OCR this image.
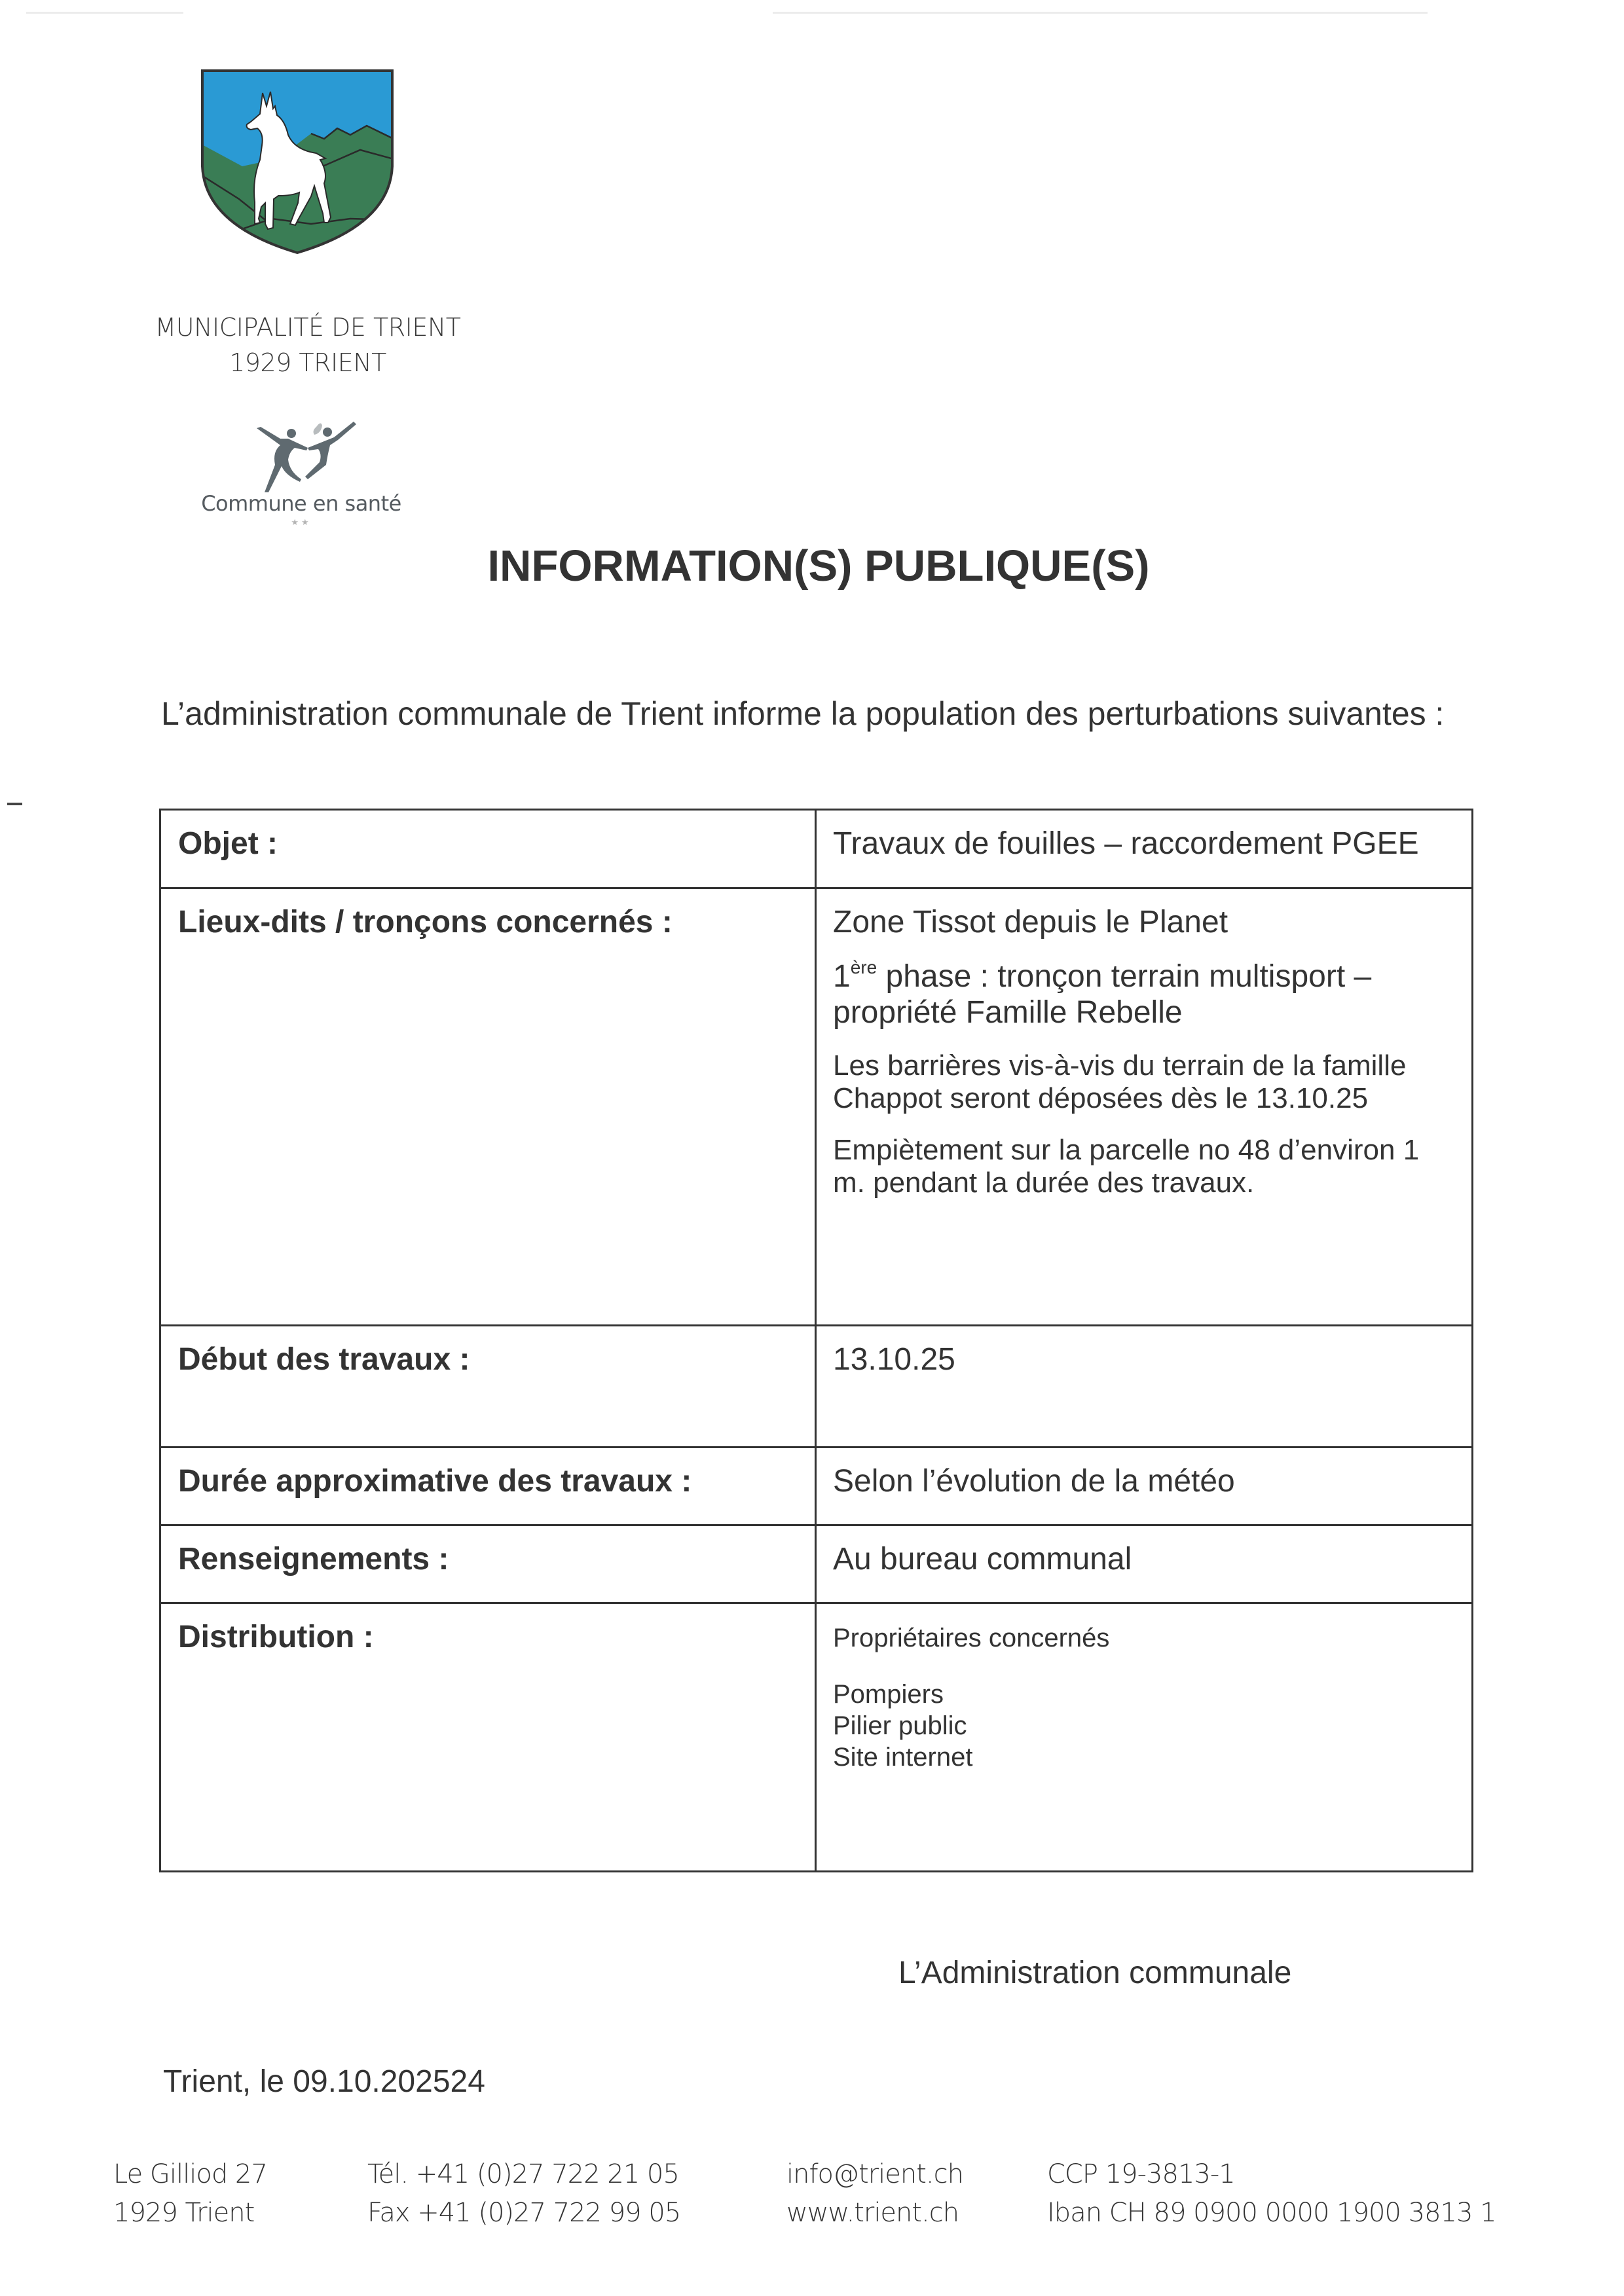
MUNICIPALITÉ DE TRIENT
1929 TRIENT
Commune en santé
★★
INFORMATION(S) PUBLIQUE(S)
L’administration communale de Trient informe la population des perturbations suivantes :
Objet :	Travaux de fouilles – raccordement PGEE

Lieux-dits / tronçons concernés :	Zone Tissot depuis le Planet

1ère phase : tronçon terrain multisport – propriété Famille Rebelle

Les barrières vis-à-vis du terrain de la famille Chappot seront déposées dès le 13.10.25

Empiètement sur la parcelle no 48 d’environ 1 m. pendant la durée des travaux.

Début des travaux :	13.10.25

Durée approximative des travaux :	Selon l’évolution de la météo

Renseignements :	Au bureau communal

Distribution :	Propriétaires concernés

Pompiers
Pilier public
Site internet
L’Administration communale
Trient, le 09.10.202524
Le Gilliod 27
1929 Trient
Tél. +41 (0)27 722 21 05
Fax +41 (0)27 722 99 05
info@trient.ch
www.trient.ch
CCP 19-3813-1
Iban CH 89 0900 0000 1900 3813 1
